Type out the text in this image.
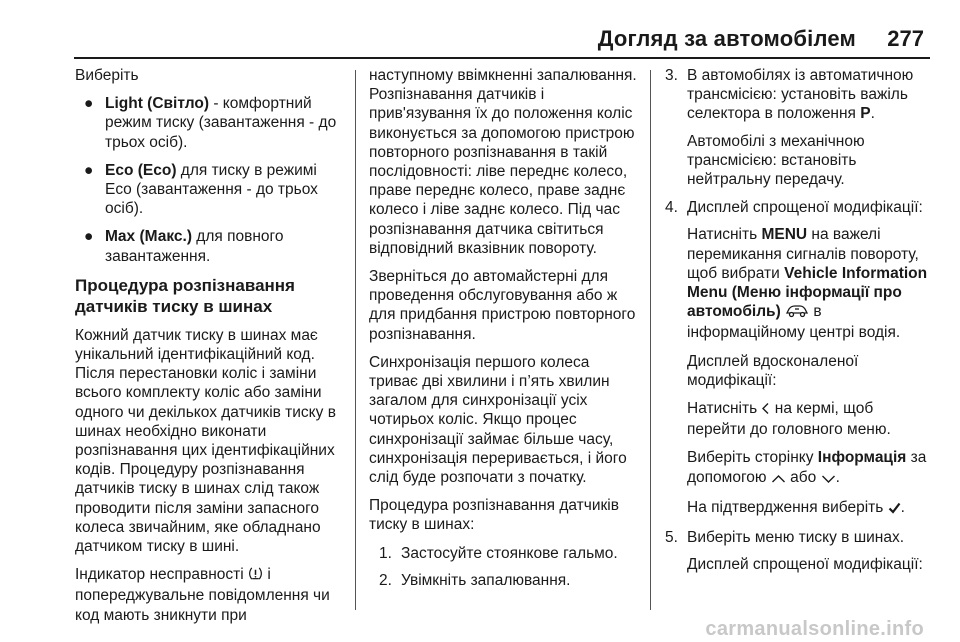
Догляд за автомобілем 277

Виберіть

● Light (Світло) - комфортний режим тиску (завантаження - до трьох осіб).
● Eco (Eco) для тиску в режимі Eco (завантаження - до трьох осіб).
● Max (Макс.) для повного завантаження.
Процедура розпізнавання датчиків тиску в шинах

Кожний датчик тиску в шинах має унікальний ідентифікаційний код. Після перестановки коліс і заміни всього комплекту коліс або заміни одного чи декількох датчиків тиску в шинах необхідно виконати розпізнавання цих ідентифікаційних кодів. Процедуру розпізнавання датчиків тиску в шинах слід також проводити після заміни запасного колеса звичайним, яке обладнано датчиком тиску в шині.

Індикатор несправності  і попереджувальне повідомлення чи код мають зникнути при

наступному ввімкненні запалювання. Розпізнавання датчиків і прив'язування їх до положення коліс виконується за допомогою пристрою повторного розпізнавання в такій послідовності: ліве переднє колесо, праве переднє колесо, праве заднє колесо і ліве заднє колесо. Під час розпізнавання датчика світиться відповідний вказівник повороту.

Зверніться до автомайстерні для проведення обслуговування або ж для придбання пристрою повторного розпізнавання.

Синхронізація першого колеса триває дві хвилини і п’ять хвилин загалом для синхронізації усіх чотирьох коліс. Якщо процес синхронізації займає більше часу, синхронізація переривається, і його слід буде розпочати з початку.

Процедура розпізнавання датчиків тиску в шинах:

1. Застосуйте стоянкове гальмо.
2. Увімкніть запалювання.
3. В автомобілях із автоматичною трансмісією: установіть важіль селектора в положення P.

Автомобілі з механічною трансмісією: встановіть нейтральну передачу.

4. Дисплей спрощеної модифікації:

Натисніть MENU на важелі перемикання сигналів повороту, щоб вибрати Vehicle Information Menu (Меню інформації про автомобіль)  в інформаційному центрі водія.

Дисплей вдосконаленої модифікації:

Натисніть  на кермі, щоб перейти до головного меню.

Виберіть сторінку Інформація за допомогою  або .

На підтвердження виберіть .

5. Виберіть меню тиску в шинах.

Дисплей спрощеної модифікації:

carmanualsonline.info
